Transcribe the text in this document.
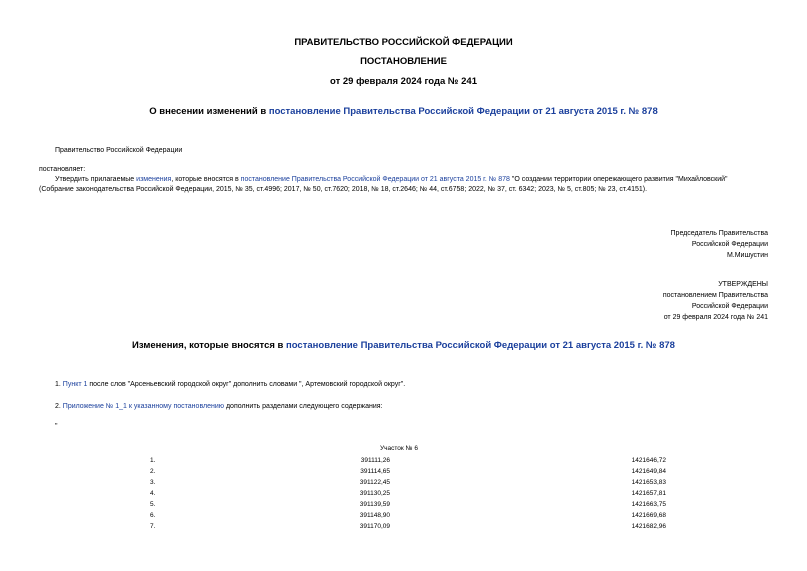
ПРАВИТЕЛЬСТВО РОССИЙСКОЙ ФЕДЕРАЦИИ
ПОСТАНОВЛЕНИЕ
от 29 февраля 2024 года № 241
О внесении изменений в постановление Правительства Российской Федерации от 21 августа 2015 г. № 878
Правительство Российской Федерации
постановляет:
Утвердить прилагаемые изменения, которые вносятся в постановление Правительства Российской Федерации от 21 августа 2015 г. № 878 "О создании территории опережающего развития "Михайловский"
(Собрание законодательства Российской Федерации, 2015, № 35, ст.4996; 2017, № 50, ст.7620; 2018, № 18, ст.2646; № 44, ст.6758; 2022, № 37, ст. 6342; 2023, № 5, ст.805; № 23, ст.4151).
Председатель Правительства
Российской Федерации
М.Мишустин
УТВЕРЖДЕНЫ
постановлением Правительства
Российской Федерации
от 29 февраля 2024 года № 241
Изменения, которые вносятся в постановление Правительства Российской Федерации от 21 августа 2015 г. № 878
1. Пункт 1 после слов "Арсеньевский городской округ" дополнить словами ", Артемовский городской округ".
2. Приложение № 1_1 к указанному постановлению дополнить разделами следующего содержания:
"
Участок № 6
1.	391111,26	1421646,72
2.	391114,65	1421649,84
3.	391122,45	1421653,83
4.	391130,25	1421657,81
5.	391139,59	1421663,75
6.	391148,90	1421669,68
7.	391170,09	1421682,96
